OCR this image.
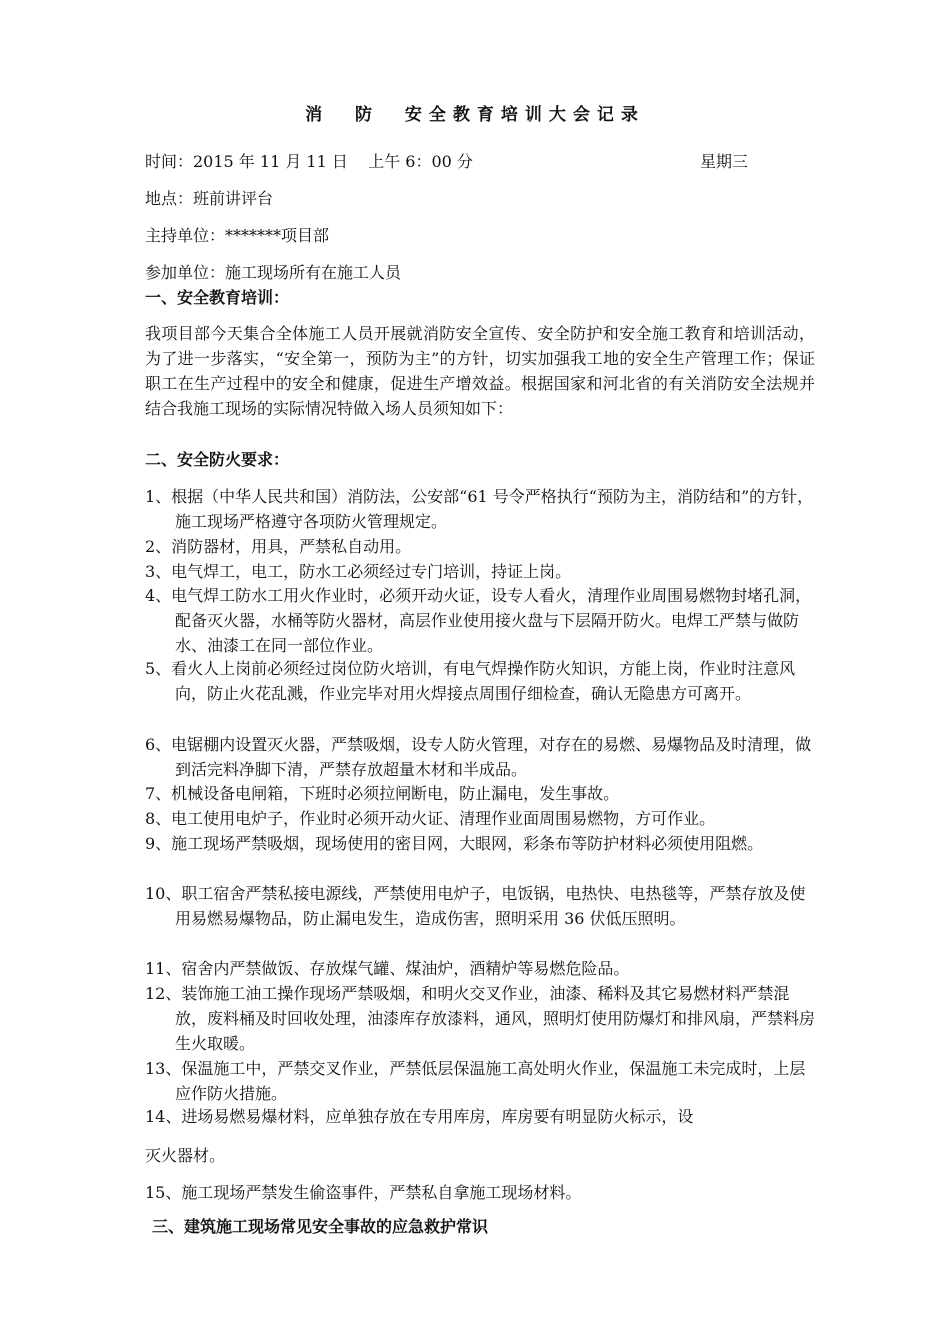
消  防  安全教育培训大会记录
时间：2015 年 11 月 11 日    上午 6：00 分	星期三
地点：班前讲评台
主持单位：*******项目部
参加单位：施工现场所有在施工人员
一、安全教育培训：
我项目部今天集合全体施工人员开展就消防安全宣传、安全防护和安全施工教育和培训活动，为了进一步落实，“安全第一，预防为主”的方针，切实加强我工地的安全生产管理工作；保证职工在生产过程中的安全和健康，促进生产增效益。根据国家和河北省的有关消防安全法规并结合我施工现场的实际情况特做入场人员须知如下：
二、安全防火要求：
1、根据（中华人民共和国）消防法，公安部“61 号令严格执行“预防为主，消防结和”的方针，施工现场严格遵守各项防火管理规定。
2、消防器材，用具，严禁私自动用。
3、电气焊工，电工，防水工必须经过专门培训，持证上岗。
4、电气焊工防水工用火作业时，必须开动火证，设专人看火，清理作业周围易燃物封堵孔洞，配备灭火器，水桶等防火器材，高层作业使用接火盘与下层隔开防火。电焊工严禁与做防水、油漆工在同一部位作业。
5、看火人上岗前必须经过岗位防火培训，有电气焊操作防火知识，方能上岗，作业时注意风向，防止火花乱溅，作业完毕对用火焊接点周围仔细检查，确认无隐患方可离开。
6、电锯棚内设置灭火器，严禁吸烟，设专人防火管理，对存在的易燃、易爆物品及时清理，做到活完料净脚下清，严禁存放超量木材和半成品。
7、机械设备电闸箱，下班时必须拉闸断电，防止漏电，发生事故。
8、电工使用电炉子，作业时必须开动火证、清理作业面周围易燃物，方可作业。
9、施工现场严禁吸烟，现场使用的密目网，大眼网，彩条布等防护材料必须使用阻燃。
10、职工宿舍严禁私接电源线，严禁使用电炉子，电饭锅，电热快、电热毯等，严禁存放及使用易燃易爆物品，防止漏电发生，造成伤害，照明采用 36 伏低压照明。
11、宿舍内严禁做饭、存放煤气罐、煤油炉，酒精炉等易燃危险品。
12、装饰施工油工操作现场严禁吸烟，和明火交叉作业，油漆、稀料及其它易燃材料严禁混放，废料桶及时回收处理，油漆库存放漆料，通风，照明灯使用防爆灯和排风扇，严禁料房生火取暖。
13、保温施工中，严禁交叉作业，严禁低层保温施工高处明火作业，保温施工未完成时，上层应作防火措施。
14、进场易燃易爆材料，应单独存放在专用库房，库房要有明显防火标示，设
灭火器材。
15、施工现场严禁发生偷盗事件，严禁私自拿施工现场材料。
三、建筑施工现场常见安全事故的应急救护常识
